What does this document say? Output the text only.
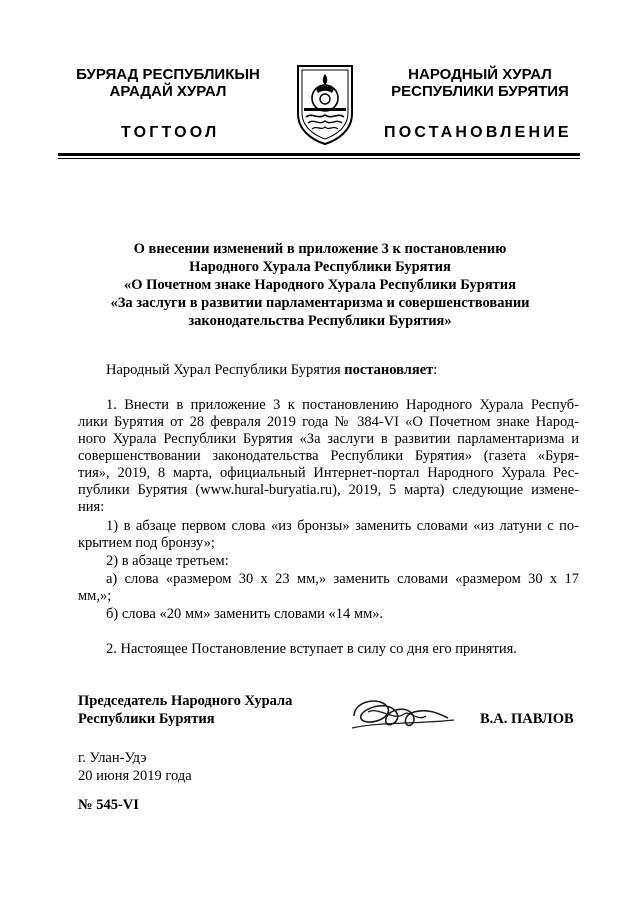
БУРЯАД РЕСПУБЛИКЫН
АРАДАЙ ХУРАЛ
НАРОДНЫЙ ХУРАЛ
РЕСПУБЛИКИ БУРЯТИЯ
ТОГТООЛ	ПОСТАНОВЛЕНИЕ
О внесении изменений в приложение 3 к постановлению
Народного Хурала Республики Бурятия
«О Почетном знаке Народного Хурала Республики Бурятия
«За заслуги в развитии парламентаризма и совершенствовании
законодательства Республики Бурятия»
Народный Хурал Республики Бурятия постановляет:
1. Внести в приложение 3 к постановлению Народного Хурала Респуб-
лики Бурятия от 28 февраля 2019 года № 384-VI «О Почетном знаке Народ-
ного Хурала Республики Бурятия «За заслуги в развитии парламентаризма и
совершенствовании законодательства Республики Бурятия» (газета «Буря-
тия», 2019, 8 марта, официальный Интернет-портал Народного Хурала Рес-
публики Бурятия (www.hural-buryatia.ru), 2019, 5 марта) следующие измене-
ния:
1) в абзаце первом слова «из бронзы» заменить словами «из латуни с по-
крытием под бронзу»;
2) в абзаце третьем:
а) слова «размером 30 х 23 мм,» заменить словами «размером 30 х 17
мм,»;
б) слова «20 мм» заменить словами «14 мм».
2. Настоящее Постановление вступает в силу со дня его принятия.
Председатель Народного Хурала
Республики Бурятия	В.А. ПАВЛОВ
г. Улан-Удэ
20 июня 2019 года
№ 545-VI
